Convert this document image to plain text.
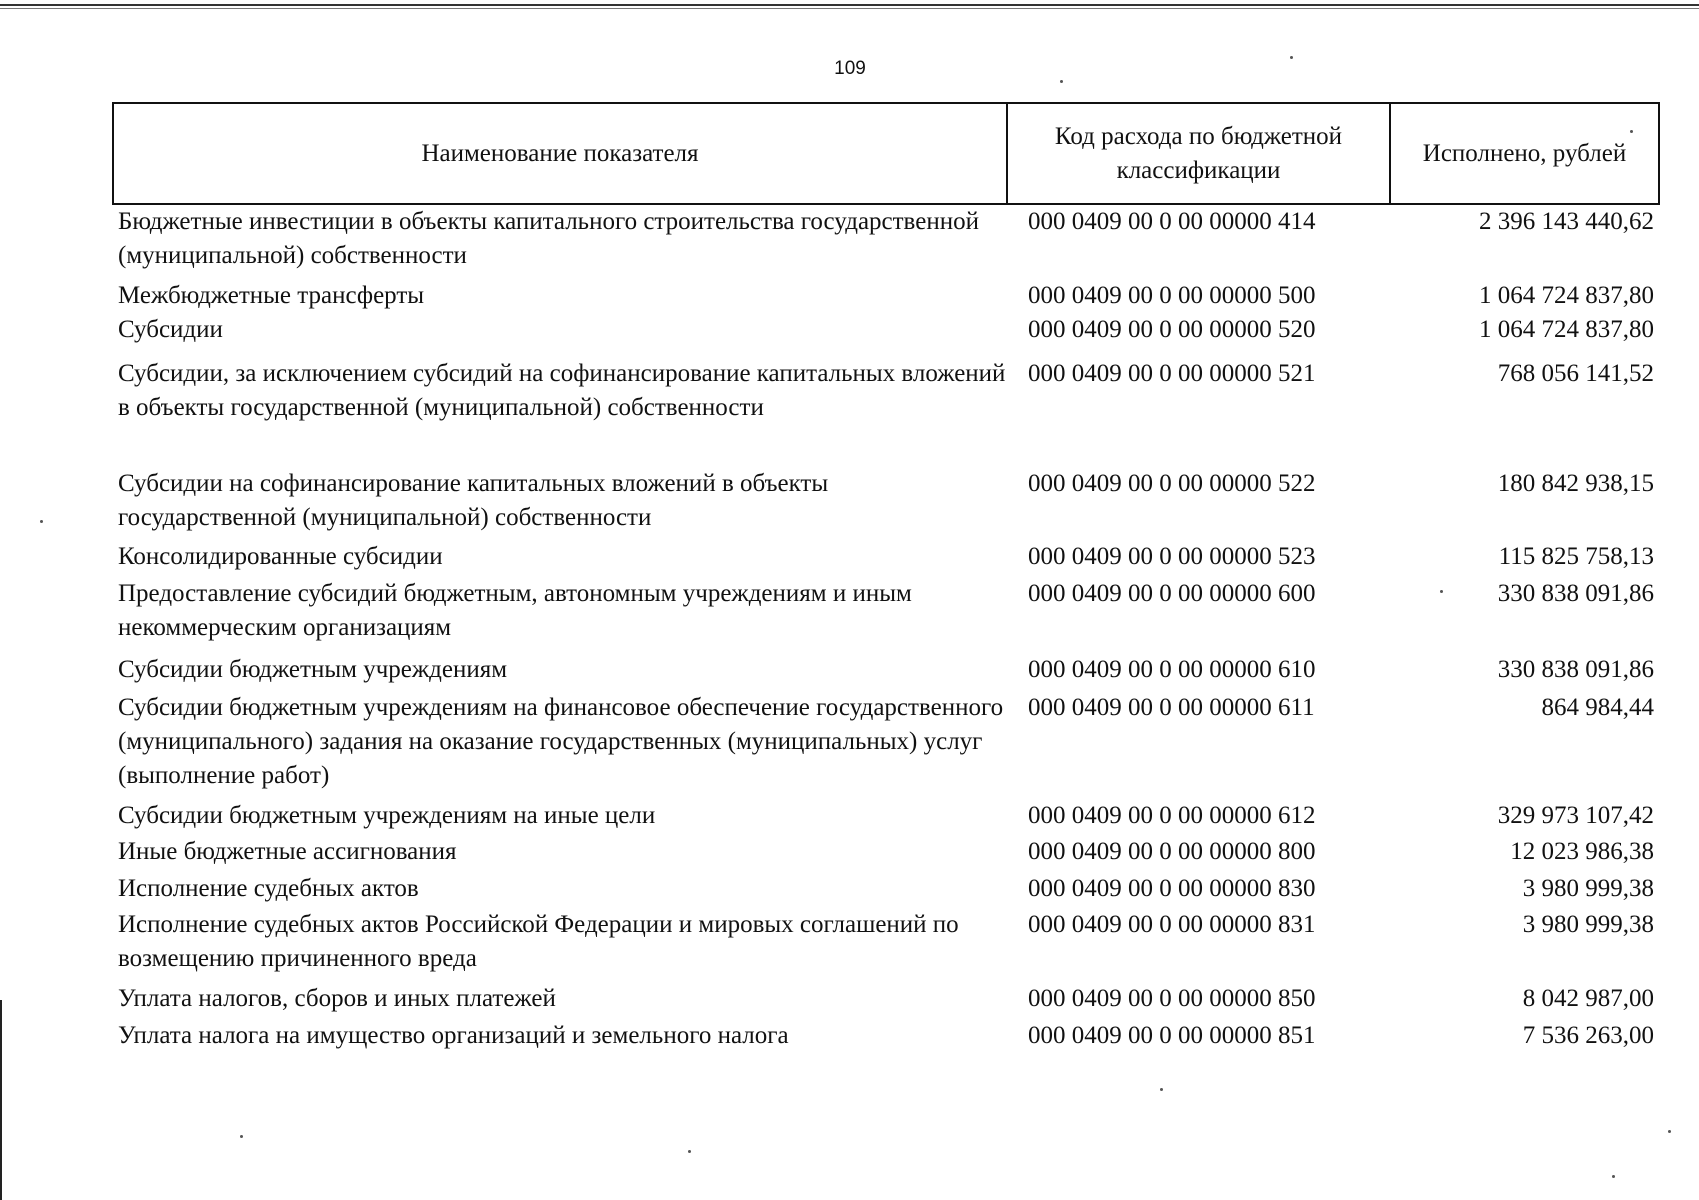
109
Наименование показателя
Код расхода по бюджетной классификации
Исполнено, рублей
Бюджетные инвестиции в объекты капитального строительства государственной (муниципальной) собственности
000 0409 00 0 00 00000 414	2 396 143 440,62
Межбюджетные трансферты	000 0409 00 0 00 00000 500	1 064 724 837,80
Субсидии	000 0409 00 0 00 00000 520	1 064 724 837,80
Субсидии, за исключением субсидий на софинансирование капитальных вложений в объекты государственной (муниципальной) собственности
000 0409 00 0 00 00000 521	768 056 141,52
Субсидии на софинансирование капитальных вложений в объекты государственной (муниципальной) собственности
000 0409 00 0 00 00000 522	180 842 938,15
Консолидированные субсидии	000 0409 00 0 00 00000 523	115 825 758,13
Предоставление субсидий бюджетным, автономным учреждениям и иным некоммерческим организациям
000 0409 00 0 00 00000 600	330 838 091,86
Субсидии бюджетным учреждениям	000 0409 00 0 00 00000 610	330 838 091,86
Субсидии бюджетным учреждениям на финансовое обеспечение государственного (муниципального) задания на оказание государственных (муниципальных) услуг (выполнение работ)
000 0409 00 0 00 00000 611	864 984,44
Субсидии бюджетным учреждениям на иные цели	000 0409 00 0 00 00000 612	329 973 107,42
Иные бюджетные ассигнования	000 0409 00 0 00 00000 800	12 023 986,38
Исполнение судебных актов	000 0409 00 0 00 00000 830	3 980 999,38
Исполнение судебных актов Российской Федерации и мировых соглашений по возмещению причиненного вреда
000 0409 00 0 00 00000 831	3 980 999,38
Уплата налогов, сборов и иных платежей	000 0409 00 0 00 00000 850	8 042 987,00
Уплата налога на имущество организаций и земельного налога	000 0409 00 0 00 00000 851	7 536 263,00
